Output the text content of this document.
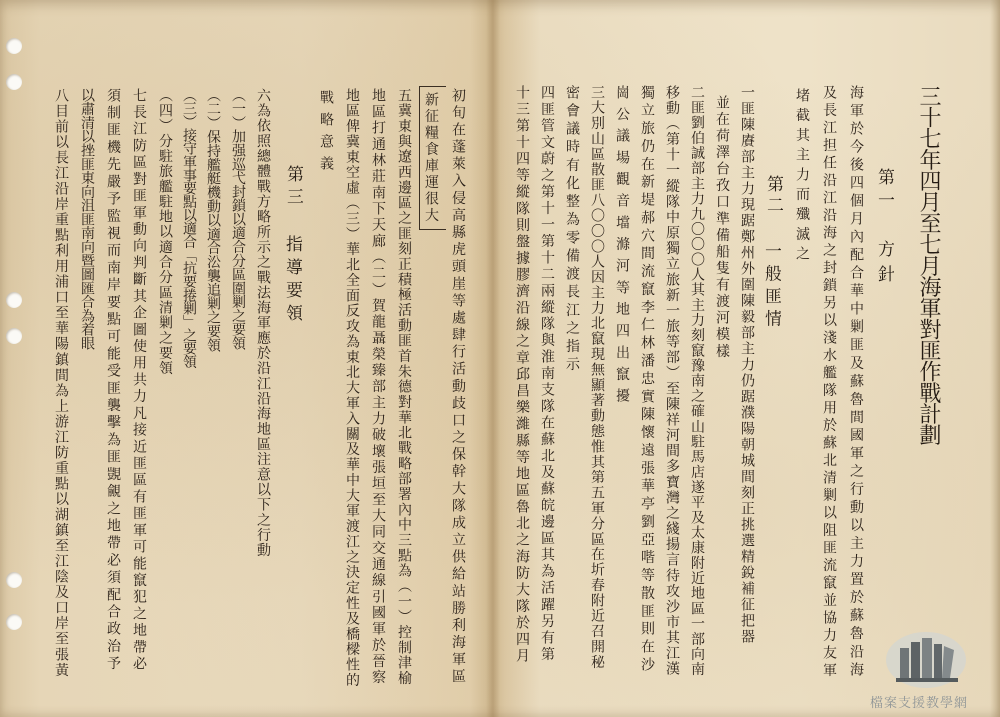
三十七年四月至七月海軍對匪作戰計劃
第一
方針
海軍於今後四個月內配合華中剿匪及蘇魯間國軍之行動以主力置於蘇魯沿海
及長江担任沿江沿海之封鎖另以淺水艦隊用於蘇北清剿以阻匪流竄並協力友軍
堵截其主力而殲滅之
第二
一般匪情
一匪陳賡部主力現踞鄭州外圍陳毅部主力仍踞濮陽朝城間刻正挑選精銳補征把器
並在荷澤台孜口準備船隻有渡河模樣
二匪劉伯誠部主力九〇〇〇人其主力刻竄豫南之確山駐馬店遂平及太康附近地區一部向南
移動（第十一縱隊中原獨立旅新一旅等部）至陳祥河間多寶灣之綫揚言待攻沙市其江漢
獨立旅仍在新堤郝穴間流竄李仁林潘忠實陳懷遠張華亭劉亞喈等散匪則在沙
崗公議場觀音壋滌河等地四出竄擾
三大別山區散匪八〇〇〇人因主力北竄現無顯著動態惟其第五軍分區在圻春附近召開秘
密會議時有化整為零備渡長江之指示
四匪管文蔚之第十一第十二兩縱隊與淮南支隊在蘇北及蘇皖邊區其為活躍另有第
十三第十四等縱隊則盤據膠濟沿線之章邱昌樂濰縣等地區魯北之海防大隊於四月
初旬在蓬萊入侵高縣虎頭崖等處肆行活動歧口之保幹大隊成立供給站勝利海軍區
新征糧食庫運很大
五冀東與遼西邊區之匪刻正積極活動匪首朱德對華北戰略部署內中三點為（一）控制津榆
地區打通林莊南下天廊（二）賀龍聶榮臻部主力破壞張垣至大同交通線引國軍於晉察
地區俾冀東空虛（三）華北全面反攻為東北大軍入關及華中大軍渡江之決定性及橋樑性的
戰略意義
第三
指導要領
六為依照總體戰方略所示之戰法海軍應於沿江沿海地區注意以下之行動
（一）加强巡弋封鎖以適合分區圍剿之要領
（二）保持艦艇機動以適合㳂襲追剿之要領
（三）接守軍事要點以適合「抗要捲剿」之要領
（四）分駐旅艦駐地以適合分區清剿之要領
七長江防區對匪軍動向判斷其企圖使用共力凡接近匪區有匪軍可能竄犯之地帶必
須制匪機先嚴予監視而南岸要點可能受匪襲擊為匪覬覦之地帶必須配合政治予
以肅清以挫匪東向沮匪南向暨圖匯合為着眼
八目前以長江沿岸重點利用浦口至華陽鎮間為上游江防重點以湖鎮至江陰及口岸至張黃
檔案支援教學網
